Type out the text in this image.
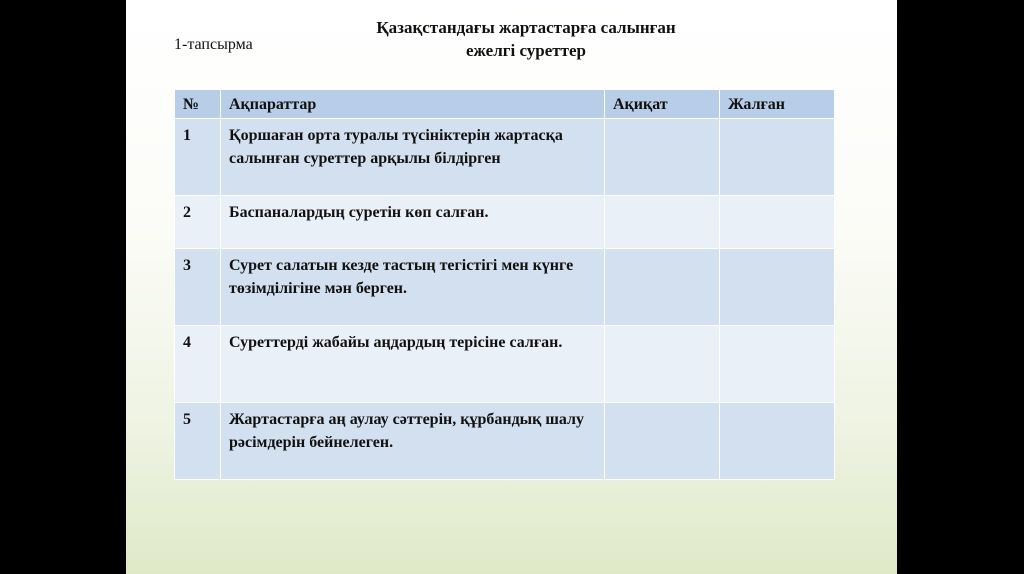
1-тапсырма
Қазақстандағы жартастарға салынған
ежелгі суреттер
№	Ақпараттар	Ақиқат	Жалған
1	Қоршаған орта туралы түсініктерін жартасқа салынған суреттер арқылы білдірген		
2	Баспаналардың суретін көп салған.		
3	Сурет салатын кезде тастың тегістігі мен күнге төзімділігіне мән берген.		
4	Суреттерді жабайы аңдардың терісіне салған.		
5	Жартастарға аң аулау сәттерін, құрбандық шалу рәсімдерін бейнелеген.		
